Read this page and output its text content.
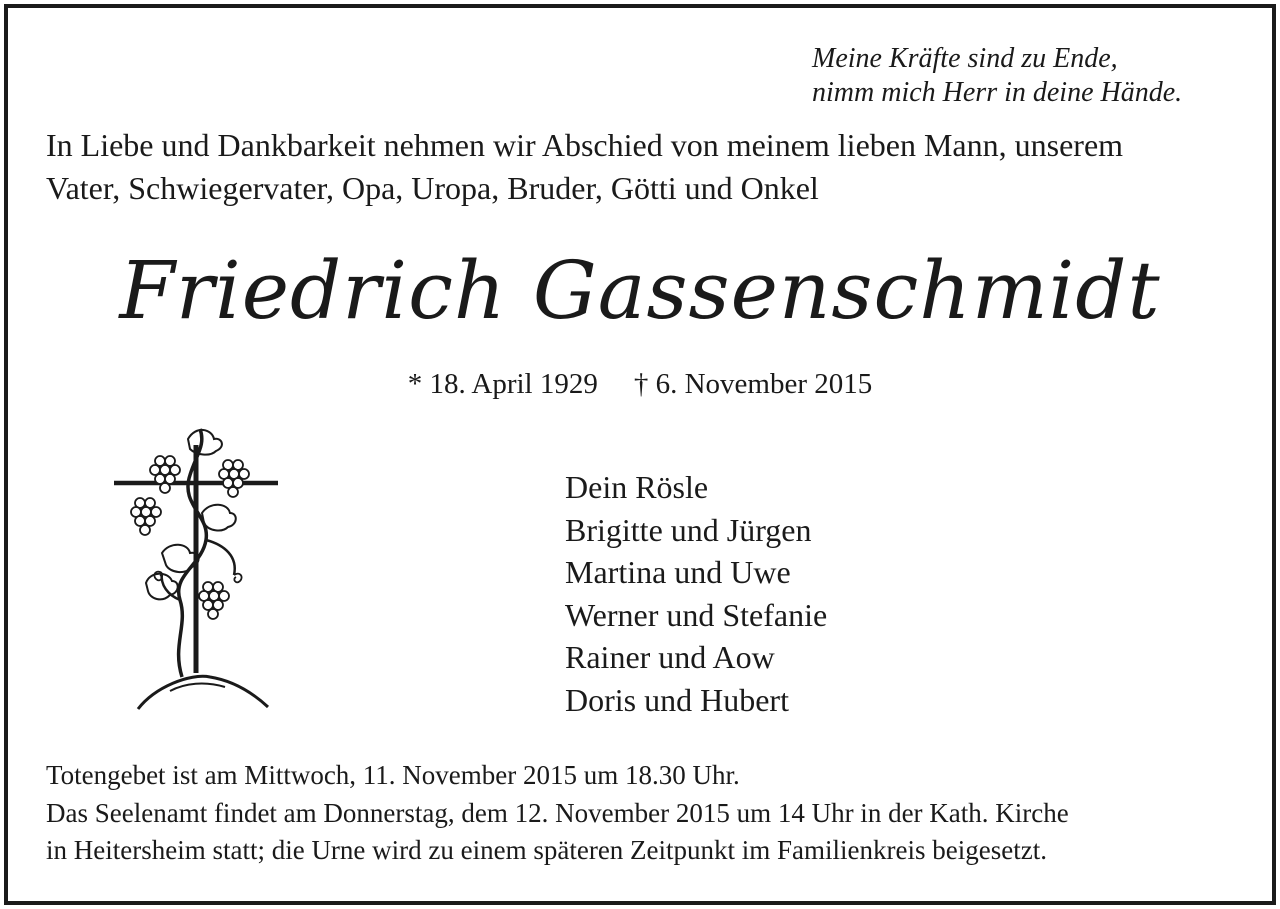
Meine Kräfte sind zu Ende,
nimm mich Herr in deine Hände.
In Liebe und Dankbarkeit nehmen wir Abschied von meinem lieben Mann, unserem
Vater, Schwiegervater, Opa, Uropa, Bruder, Götti und Onkel
Friedrich Gassenschmidt
* 18. April 1929 † 6. November 2015
Dein Rösle
Brigitte und Jürgen
Martina und Uwe
Werner und Stefanie
Rainer und Aow
Doris und Hubert
Totengebet ist am Mittwoch, 11. November 2015 um 18.30 Uhr.
Das Seelenamt findet am Donnerstag, dem 12. November 2015 um 14 Uhr in der Kath. Kirche
in Heitersheim statt; die Urne wird zu einem späteren Zeitpunkt im Familienkreis beigesetzt.
